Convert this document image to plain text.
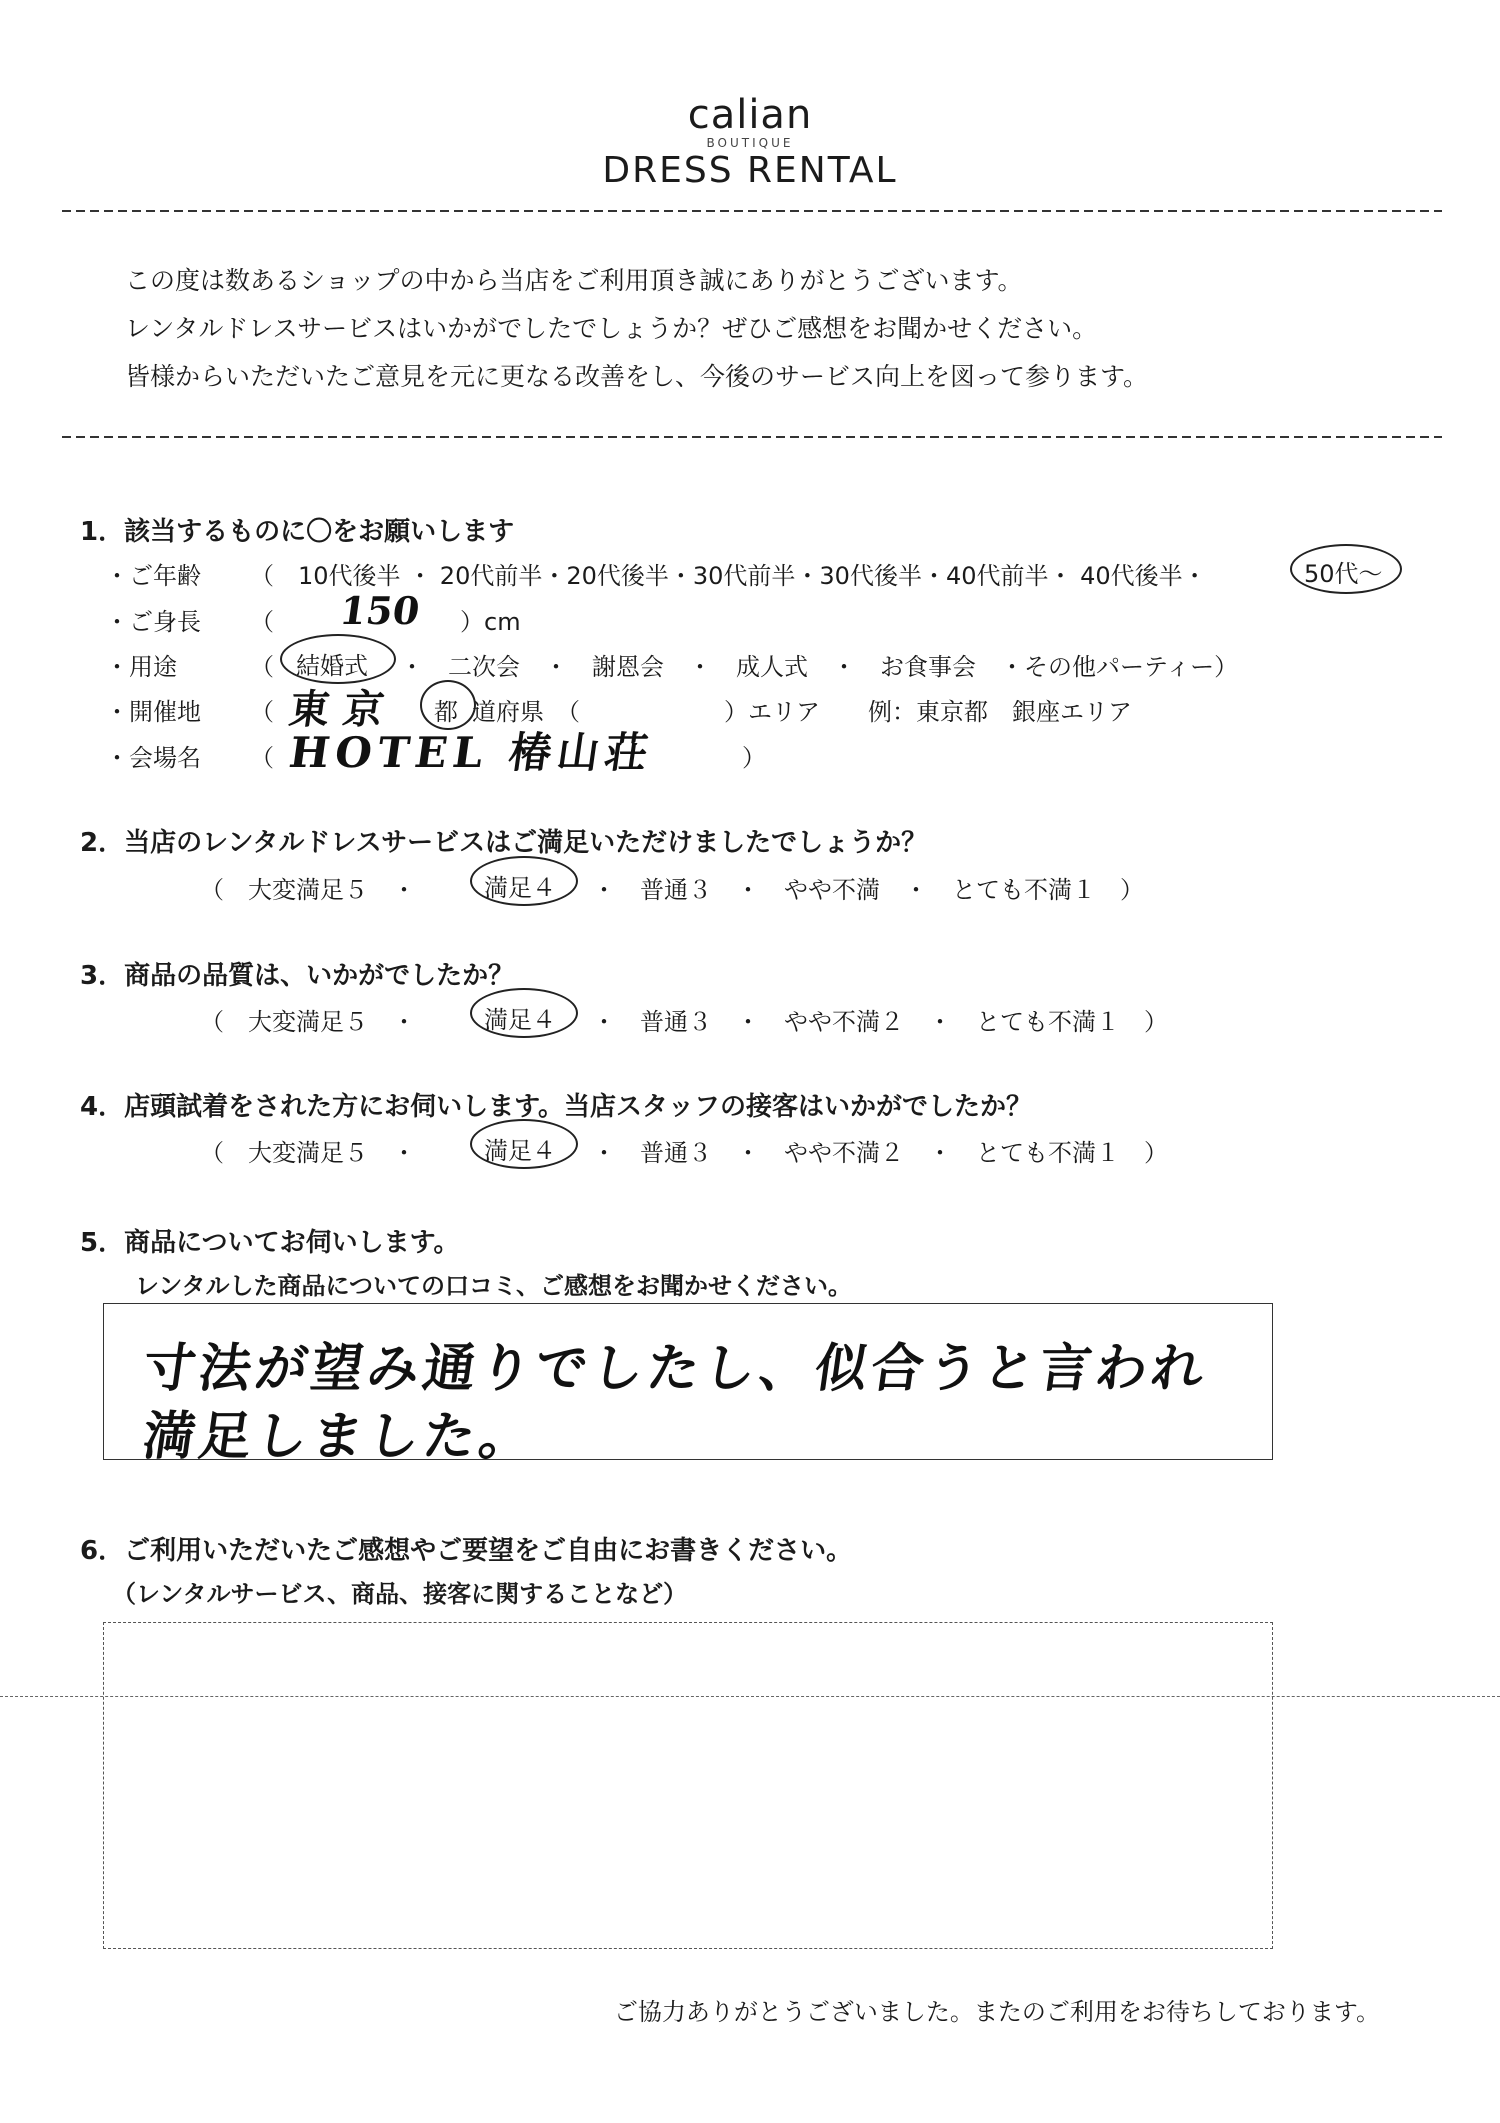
calian
BOUTIQUE
DRESS RENTAL
この度は数あるショップの中から当店をご利用頂き誠にありがとうございます。
レンタルドレスサービスはいかがでしたでしょうか？ぜひご感想をお聞かせください。
皆様からいただいたご意見を元に更なる改善をし、今後のサービス向上を図って参ります。
1．該当するものに〇をお願いします
・ご年齢	（　10代後半 ・ 20代前半・20代後半・30代前半・30代後半・40代前半・ 40代後半・	50代〜
・ご身長	（ 150 ）cm
・用途	（ 結婚式 ・　二次会　・　謝恩会　・　成人式　・　お食事会　・その他パーティー）
・開催地	（ 東京 都 道府県　（　　　　　　）エリア　　例：東京都　銀座エリア
・会場名	（ HOTEL 椿山荘	）
2．当店のレンタルドレスサービスはご満足いただけましたでしょうか？
（　大変満足５　・	満足４ ・　普通３　・　やや不満　・　とても不満１　）
3．商品の品質は、いかがでしたか？
（　大変満足５　・	満足４ ・　普通３　・　やや不満２　・　とても不満１　）
4．店頭試着をされた方にお伺いします。当店スタッフの接客はいかがでしたか？
（　大変満足５　・	満足４ ・　普通３　・　やや不満２　・　とても不満１　）
5．商品についてお伺いします。
レンタルした商品についての口コミ、ご感想をお聞かせください。
寸法が望み通りでしたし、似合うと言われ
満足しました。
6．ご利用いただいたご感想やご要望をご自由にお書きください。
（レンタルサービス、商品、接客に関することなど）
ご協力ありがとうございました。またのご利用をお待ちしております。
